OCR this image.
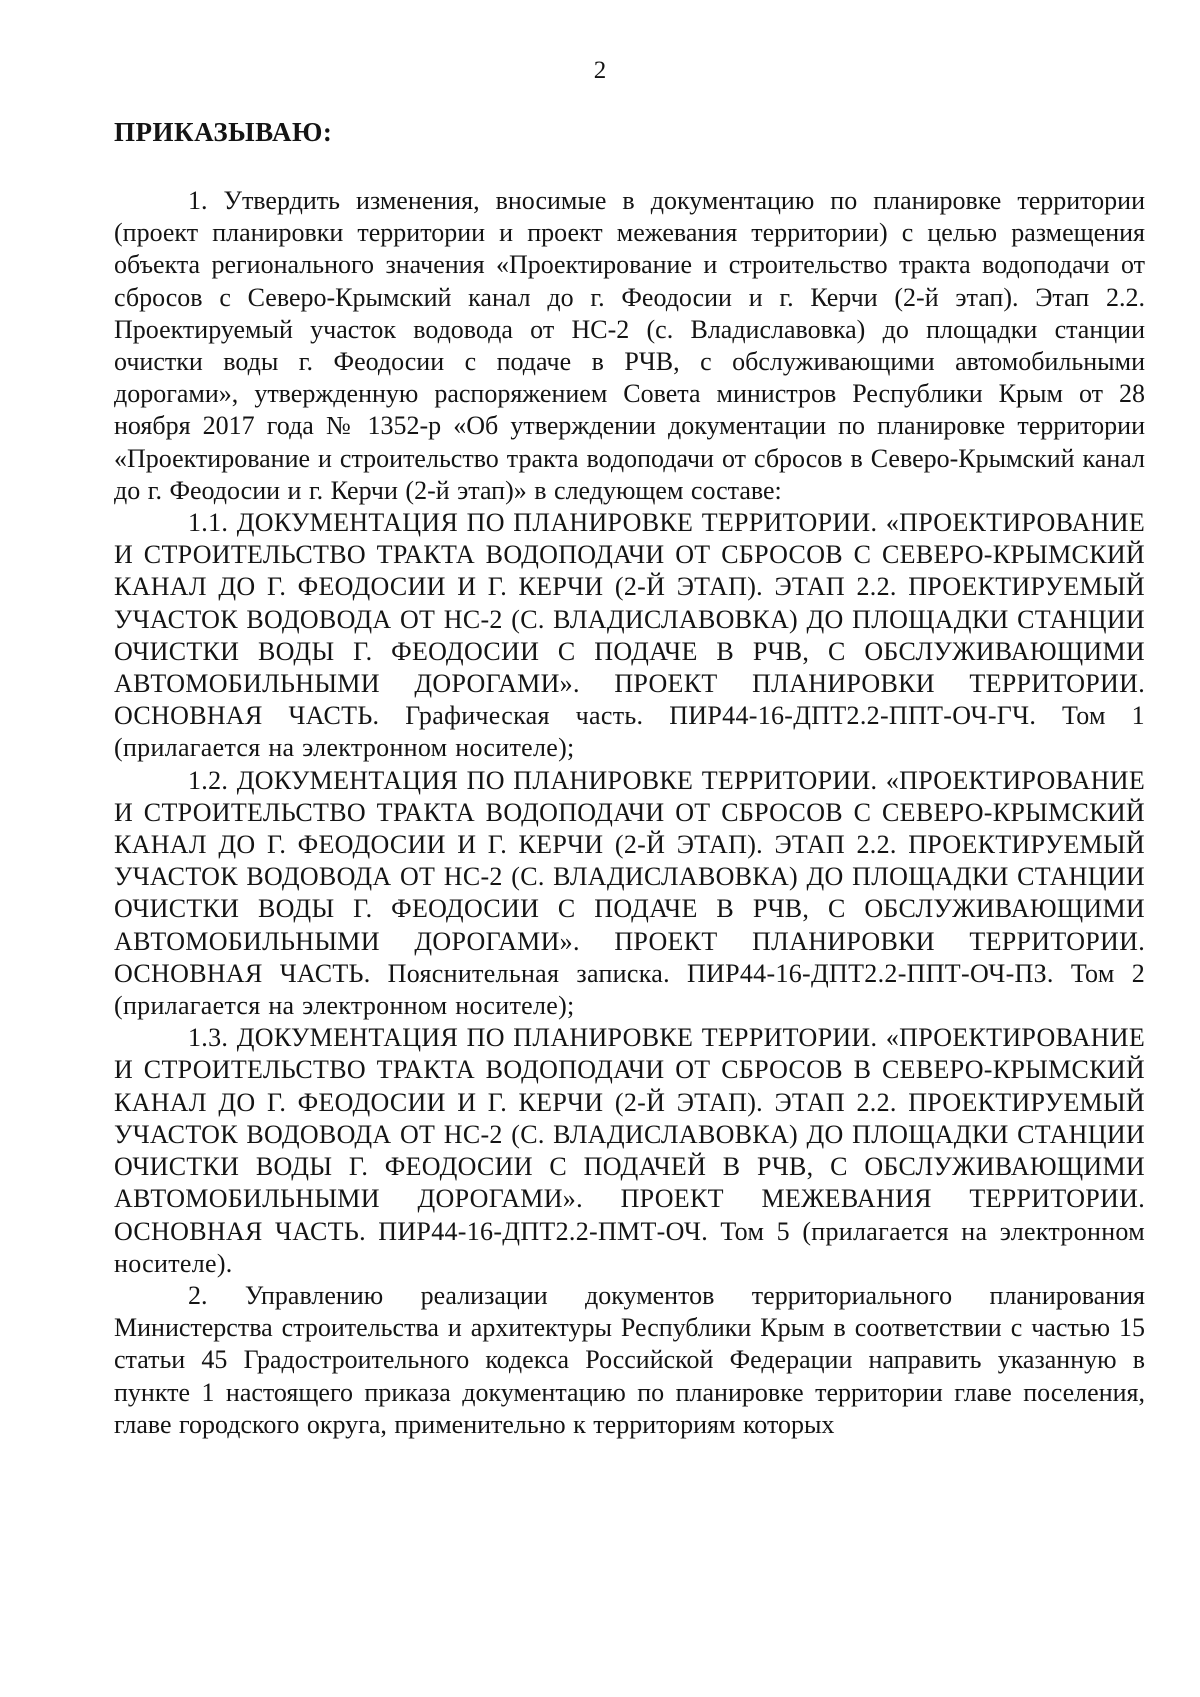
2
ПРИКАЗЫВАЮ:

1. Утвердить изменения, вносимые в документацию по планировке территории (проект планировки территории и проект межевания территории) с целью размещения объекта регионального значения «Проектирование и строительство тракта водоподачи от сбросов с Северо-Крымский канал до г. Феодосии и г. Керчи (2-й этап). Этап 2.2. Проектируемый участок водовода от НС-2 (с. Владиславовка) до площадки станции очистки воды г. Феодосии с подаче в РЧВ, с обслуживающими автомобильными дорогами», утвержденную распоряжением Совета министров Республики Крым от 28 ноября 2017 года № 1352-р «Об утверждении документации по планировке территории «Проектирование и строительство тракта водоподачи от сбросов в Северо-Крымский канал до г. Феодосии и г. Керчи (2-й этап)» в следующем составе:

1.1. ДОКУМЕНТАЦИЯ ПО ПЛАНИРОВКЕ ТЕРРИТОРИИ. «ПРОЕКТИРОВАНИЕ И СТРОИТЕЛЬСТВО ТРАКТА ВОДОПОДАЧИ ОТ СБРОСОВ С СЕВЕРО-КРЫМСКИЙ КАНАЛ ДО Г. ФЕОДОСИИ И Г. КЕРЧИ (2-Й ЭТАП). ЭТАП 2.2. ПРОЕКТИРУЕМЫЙ УЧАСТОК ВОДОВОДА ОТ НС-2 (С. ВЛАДИСЛАВОВКА) ДО ПЛОЩАДКИ СТАНЦИИ ОЧИСТКИ ВОДЫ Г. ФЕОДОСИИ С ПОДАЧЕ В РЧВ, С ОБСЛУЖИВАЮЩИМИ АВТОМОБИЛЬНЫМИ ДОРОГАМИ». ПРОЕКТ ПЛАНИРОВКИ ТЕРРИТОРИИ. ОСНОВНАЯ ЧАСТЬ. Графическая часть. ПИР44-16-ДПТ2.2-ППТ-ОЧ-ГЧ. Том 1 (прилагается на электронном носителе);

1.2. ДОКУМЕНТАЦИЯ ПО ПЛАНИРОВКЕ ТЕРРИТОРИИ. «ПРОЕКТИРОВАНИЕ И СТРОИТЕЛЬСТВО ТРАКТА ВОДОПОДАЧИ ОТ СБРОСОВ С СЕВЕРО-КРЫМСКИЙ КАНАЛ ДО Г. ФЕОДОСИИ И Г. КЕРЧИ (2-Й ЭТАП). ЭТАП 2.2. ПРОЕКТИРУЕМЫЙ УЧАСТОК ВОДОВОДА ОТ НС-2 (С. ВЛАДИСЛАВОВКА) ДО ПЛОЩАДКИ СТАНЦИИ ОЧИСТКИ ВОДЫ Г. ФЕОДОСИИ С ПОДАЧЕ В РЧВ, С ОБСЛУЖИВАЮЩИМИ АВТОМОБИЛЬНЫМИ ДОРОГАМИ». ПРОЕКТ ПЛАНИРОВКИ ТЕРРИТОРИИ. ОСНОВНАЯ ЧАСТЬ. Пояснительная записка. ПИР44-16-ДПТ2.2-ППТ-ОЧ-ПЗ. Том 2 (прилагается на электронном носителе);

1.3. ДОКУМЕНТАЦИЯ ПО ПЛАНИРОВКЕ ТЕРРИТОРИИ. «ПРОЕКТИРОВАНИЕ И СТРОИТЕЛЬСТВО ТРАКТА ВОДОПОДАЧИ ОТ СБРОСОВ В СЕВЕРО-КРЫМСКИЙ КАНАЛ ДО Г. ФЕОДОСИИ И Г. КЕРЧИ (2-Й ЭТАП). ЭТАП 2.2. ПРОЕКТИРУЕМЫЙ УЧАСТОК ВОДОВОДА ОТ НС-2 (С. ВЛАДИСЛАВОВКА) ДО ПЛОЩАДКИ СТАНЦИИ ОЧИСТКИ ВОДЫ Г. ФЕОДОСИИ С ПОДАЧЕЙ В РЧВ, С ОБСЛУЖИВАЮЩИМИ АВТОМОБИЛЬНЫМИ ДОРОГАМИ». ПРОЕКТ МЕЖЕВАНИЯ ТЕРРИТОРИИ. ОСНОВНАЯ ЧАСТЬ. ПИР44-16-ДПТ2.2-ПМТ-ОЧ. Том 5 (прилагается на электронном носителе).

2. Управлению реализации документов территориального планирования Министерства строительства и архитектуры Республики Крым в соответствии с частью 15 статьи 45 Градостроительного кодекса Российской Федерации направить указанную в пункте 1 настоящего приказа документацию по планировке территории главе поселения, главе городского округа, применительно к территориям которых
